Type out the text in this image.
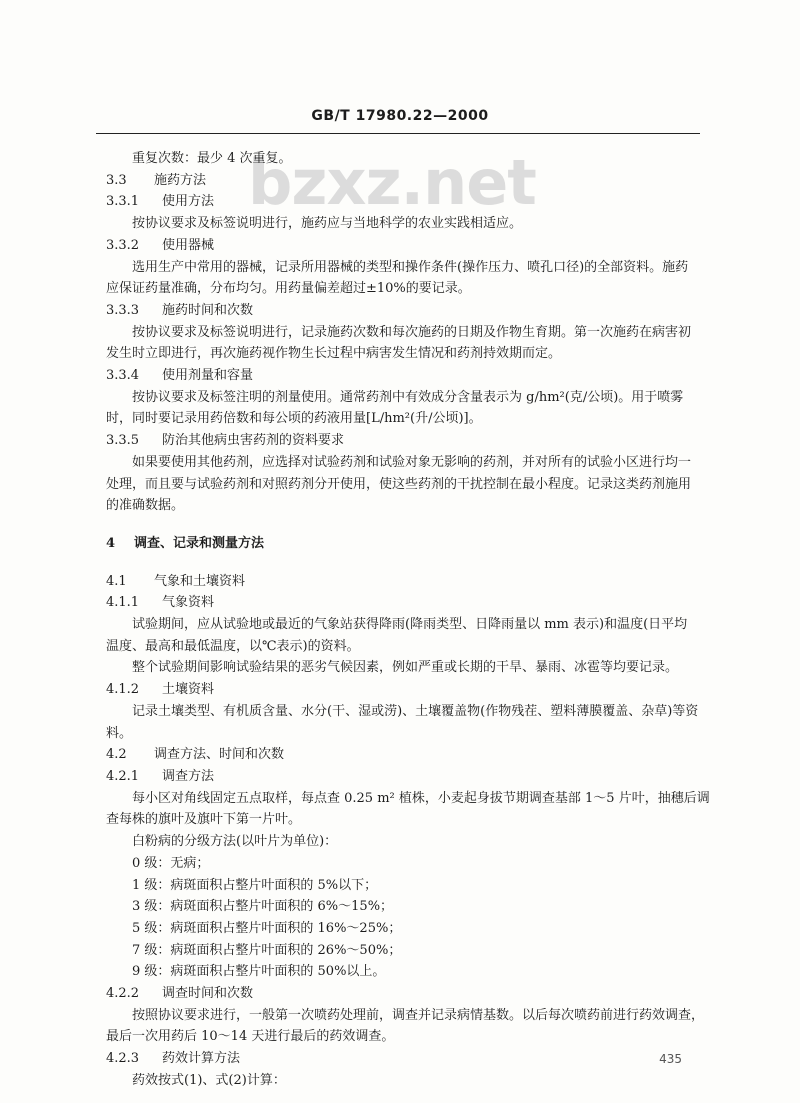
GB/T 17980.22—2000
bzxz.net
重复次数：最少 4 次重复。
3.3 施药方法
3.3.1 使用方法
按协议要求及标签说明进行，施药应与当地科学的农业实践相适应。
3.3.2 使用器械
选用生产中常用的器械，记录所用器械的类型和操作条件(操作压力、喷孔口径)的全部资料。施药
应保证药量准确，分布均匀。用药量偏差超过±10%的要记录。
3.3.3 施药时间和次数
按协议要求及标签说明进行，记录施药次数和每次施药的日期及作物生育期。第一次施药在病害初
发生时立即进行，再次施药视作物生长过程中病害发生情况和药剂持效期而定。
3.3.4 使用剂量和容量
按协议要求及标签注明的剂量使用。通常药剂中有效成分含量表示为 g/hm²(克/公顷)。用于喷雾
时，同时要记录用药倍数和每公顷的药液用量[L/hm²(升/公顷)]。
3.3.5 防治其他病虫害药剂的资料要求
如果要使用其他药剂，应选择对试验药剂和试验对象无影响的药剂，并对所有的试验小区进行均一
处理，而且要与试验药剂和对照药剂分开使用，使这些药剂的干扰控制在最小程度。记录这类药剂施用
的准确数据。
4 调查、记录和测量方法
4.1 气象和土壤资料
4.1.1 气象资料
试验期间，应从试验地或最近的气象站获得降雨(降雨类型、日降雨量以 mm 表示)和温度(日平均
温度、最高和最低温度，以℃表示)的资料。
整个试验期间影响试验结果的恶劣气候因素，例如严重或长期的干旱、暴雨、冰雹等均要记录。
4.1.2 土壤资料
记录土壤类型、有机质含量、水分(干、湿或涝)、土壤覆盖物(作物残茬、塑料薄膜覆盖、杂草)等资
料。
4.2 调查方法、时间和次数
4.2.1 调查方法
每小区对角线固定五点取样，每点查 0.25 m² 植株，小麦起身拔节期调查基部 1～5 片叶，抽穗后调
查每株的旗叶及旗叶下第一片叶。
白粉病的分级方法(以叶片为单位)：
0 级：无病；
1 级：病斑面积占整片叶面积的 5%以下；
3 级：病斑面积占整片叶面积的 6%～15%；
5 级：病斑面积占整片叶面积的 16%～25%；
7 级：病斑面积占整片叶面积的 26%～50%；
9 级：病斑面积占整片叶面积的 50%以上。
4.2.2 调查时间和次数
按照协议要求进行，一般第一次喷药处理前，调查并记录病情基数。以后每次喷药前进行药效调查，
最后一次用药后 10～14 天进行最后的药效调查。
4.2.3 药效计算方法
药效按式(1)、式(2)计算：
435
